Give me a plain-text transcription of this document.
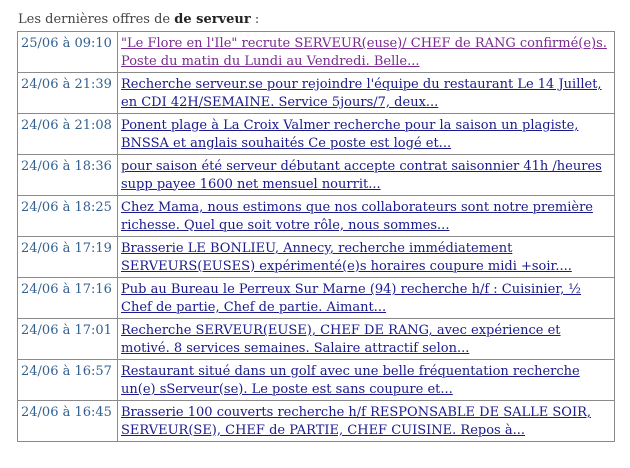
Les dernières offres de de serveur :
25/06 à 09:10	"Le Flore en l'Ile" recrute SERVEUR(euse)/ CHEF de RANG confirmé(e)s.
Poste du matin du Lundi au Vendredi. Belle...

24/06 à 21:39	Recherche serveur.se pour rejoindre l'équipe du restaurant Le 14 Juillet,
en CDI 42H/SEMAINE. Service 5jours/7, deux...

24/06 à 21:08	Ponent plage à La Croix Valmer recherche pour la saison un plagiste,
BNSSA et anglais souhaités Ce poste est logé et...

24/06 à 18:36	pour saison été serveur débutant accepte contrat saisonnier 41h /heures
supp payee 1600 net mensuel nourrit...

24/06 à 18:25	Chez Mama, nous estimons que nos collaborateurs sont notre première
richesse. Quel que soit votre rôle, nous sommes...

24/06 à 17:19	Brasserie LE BONLIEU, Annecy, recherche immédiatement
SERVEURS(EUSES) expérimenté(e)s horaires coupure midi +soir....

24/06 à 17:16	Pub au Bureau le Perreux Sur Marne (94) recherche h/f : Cuisinier, ½
Chef de partie, Chef de partie. Aimant...

24/06 à 17:01	Recherche SERVEUR(EUSE), CHEF DE RANG, avec expérience et
motivé. 8 services semaines. Salaire attractif selon...

24/06 à 16:57	Restaurant situé dans un golf avec une belle fréquentation recherche
un(e) sServeur(se). Le poste est sans coupure et...

24/06 à 16:45	Brasserie 100 couverts recherche h/f RESPONSABLE DE SALLE SOIR,
SERVEUR(SE), CHEF de PARTIE, CHEF CUISINE. Repos à...
